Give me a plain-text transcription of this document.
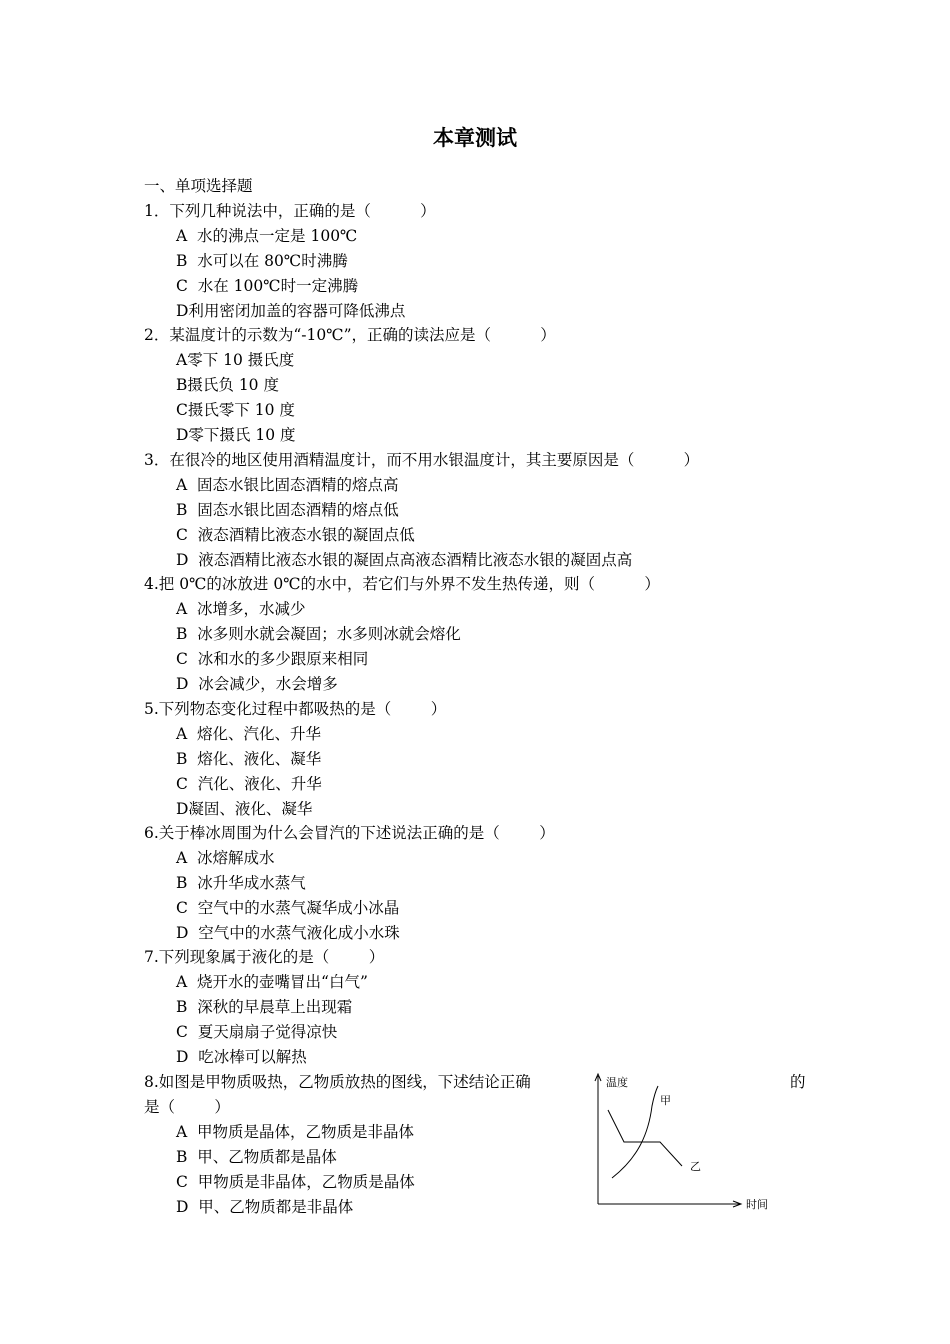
本章测试
一、单项选择题
1．下列几种说法中，正确的是（          ）
A  水的沸点一定是 100℃
B  水可以在 80℃时沸腾
C  水在 100℃时一定沸腾
D利用密闭加盖的容器可降低沸点
2．某温度计的示数为“-10℃”，正确的读法应是（          ）
A零下 10 摄氏度
B摄氏负 10 度
C摄氏零下 10 度
D零下摄氏 10 度
3．在很冷的地区使用酒精温度计，而不用水银温度计，其主要原因是（          ）
A  固态水银比固态酒精的熔点高
B  固态水银比固态酒精的熔点低
C  液态酒精比液态水银的凝固点低
D  液态酒精比液态水银的凝固点高液态酒精比液态水银的凝固点高
4.把 0℃的冰放进 0℃的水中，若它们与外界不发生热传递，则（          ）
A  冰增多，水减少
B  冰多则水就会凝固；水多则冰就会熔化
C  冰和水的多少跟原来相同
D  冰会减少，水会增多
5.下列物态变化过程中都吸热的是（        ）
A  熔化、汽化、升华
B  熔化、液化、凝华
C  汽化、液化、升华
D凝固、液化、凝华
6.关于棒冰周围为什么会冒汽的下述说法正确的是（        ）
A  冰熔解成水
B  冰升华成水蒸气
C  空气中的水蒸气凝华成小冰晶
D  空气中的水蒸气液化成小水珠
7.下列现象属于液化的是（        ）
A  烧开水的壶嘴冒出“白气”
B  深秋的早晨草上出现霜
C  夏天扇扇子觉得凉快
D  吃冰棒可以解热
8.如图是甲物质吸热，乙物质放热的图线，下述结论正确	的
是（        ）
A  甲物质是晶体，乙物质是非晶体
B  甲、乙物质都是晶体
C  甲物质是非晶体，乙物质是晶体
D  甲、乙物质都是非晶体
温度
时间
甲
乙
